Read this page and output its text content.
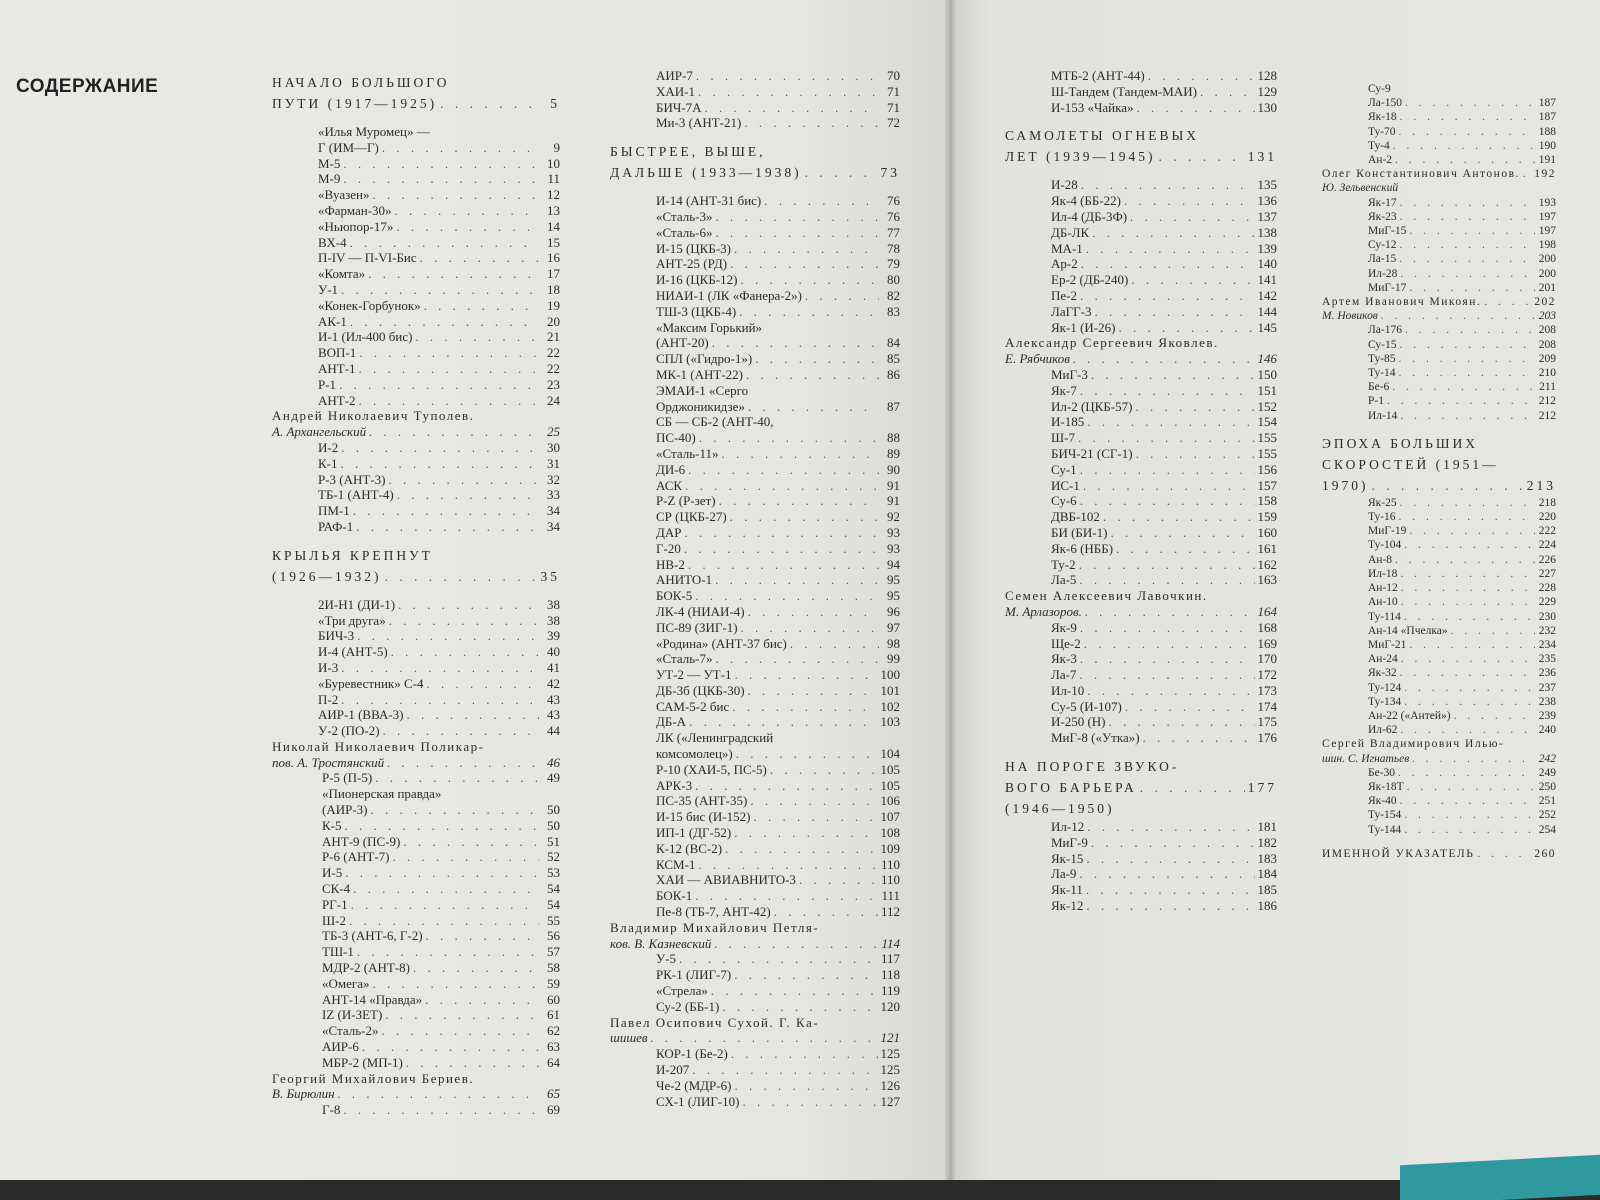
СОДЕРЖАНИЕ	НАЧАЛО БОЛЬШОГО
ПУТИ (1917—1925) . . .	5
«Илья Муромец» —
Г (ИМ—Г) . . .	9
М-5 . . .	10
М-9 . . .	11
«Вуазен» . . .	12
«Фарман-30» . . .	13
«Ньюпор-17» . . .	14
ВХ-4 . . .	15
П-IV — П-VI-Бис . . .	16
«Комта» . . .	17
У-1 . . .	18
«Конек-Горбунок» . . .	19
АК-1 . . .	20
И-1 (Ил-400 бис) . . .	21
ВОП-1 . . .	22
АНТ-1 . . .	22
Р-1 . . .	23
АНТ-2 . . .	24
Андрей Николаевич Туполев.
А. Архангельский . . .	25
И-2 . . .	30
К-1 . . .	31
Р-3 (АНТ-3) . . .	32
ТБ-1 (АНТ-4) . . .	33
ПМ-1 . . .	34
РАФ-1 . . .	34
КРЫЛЬЯ КРЕПНУТ
(1926—1932) . . .	35
2И-Н1 (ДИ-1) . . .	38
«Три друга» . . .	38
БИЧ-3 . . .	39
И-4 (АНТ-5) . . .	40
И-3 . . .	41
«Буревестник» С-4 . . .	42
П-2 . . .	43
АИР-1 (ВВА-3) . . .	43
У-2 (ПО-2) . . .	44
Николай Николаевич Поликар-
пов. А. Тростянский . . .	46
Р-5 (П-5) . . .	49
«Пионерская правда»
(АИР-3) . . .	50
К-5 . . .	50
АНТ-9 (ПС-9) . . .	51
Р-6 (АНТ-7) . . .	52
И-5 . . .	53
СК-4 . . .	54
РГ-1 . . .	54
Ш-2 . . .	55
ТБ-3 (АНТ-6, Г-2) . . .	56
ТШ-1 . . .	57
МДР-2 (АНТ-8) . . .	58
«Омега» . . .	59
АНТ-14 «Правда» . . .	60
IZ (И-ЗЕТ) . . .	61
«Сталь-2» . . .	62
АИР-6 . . .	63
МБР-2 (МП-1) . . .	64
Георгий Михайлович Бериев.
В. Бирюлин . . .	65
Г-8 . . .	69
АИР-7 . . .	70
ХАИ-1 . . .	71
БИЧ-7А . . .	71
Ми-3 (АНТ-21) . . .	72
БЫСТРЕЕ, ВЫШЕ,
ДАЛЬШЕ (1933—1938) . . .	73
И-14 (АНТ-31 бис) . . .	76
«Сталь-3» . . .	76
«Сталь-6» . . .	77
И-15 (ЦКБ-3) . . .	78
АНТ-25 (РД) . . .	79
И-16 (ЦКБ-12) . . .	80
НИАИ-1 (ЛК «Фанера-2») . . .	82
ТШ-3 (ЦКБ-4) . . .	83
«Максим Горький»
(АНТ-20) . . .	84
СПЛ («Гидро-1») . . .	85
МК-1 (АНТ-22) . . .	86
ЭМАИ-1 «Серго
Орджоникидзе» . . .	87
СБ — СБ-2 (АНТ-40,
ПС-40) . . .	88
«Сталь-11» . . .	89
ДИ-6 . . .	90
АСК . . .	91
P-Z (Р-зет) . . .	91
СР (ЦКБ-27) . . .	92
ДАР . . .	93
Г-20 . . .	93
НВ-2 . . .	94
АНИТО-1 . . .	95
БОК-5 . . .	95
ЛК-4 (НИАИ-4) . . .	96
ПС-89 (ЗИГ-1) . . .	97
«Родина» (АНТ-37 бис) . . .	98
«Сталь-7» . . .	99
УТ-2 — УТ-1 . . .	100
ДБ-3б (ЦКБ-30) . . .	101
САМ-5-2 бис . . .	102
ДБ-А . . .	103
ЛК («Ленинградский
комсомолец») . . .	104
Р-10 (ХАИ-5, ПС-5) . . .	105
АРК-3 . . .	105
ПС-35 (АНТ-35) . . .	106
И-15 бис (И-152) . . .	107
ИП-1 (ДГ-52) . . .	108
К-12 (ВС-2) . . .	109
КСМ-1 . . .	110
ХАИ — АВИАВНИТО-3 . . .	110
БОК-1 . . .	111
Пе-8 (ТБ-7, АНТ-42) . . .	112
Владимир Михайлович Петля-
ков. В. Казневский . . .	114
У-5 . . .	117
РК-1 (ЛИГ-7) . . .	118
«Стрела» . . .	119
Су-2 (ББ-1) . . .	120
Павел Осипович Сухой. Г. Ка-
шишев . . .	121
КОР-1 (Бе-2) . . .	125
И-207 . . .	125
Че-2 (МДР-6) . . .	126
СХ-1 (ЛИГ-10) . . .	127
МТБ-2 (АНТ-44) . . .	128
Ш-Тандем (Тандем-МАИ) . . .	129
И-153 «Чайка» . . .	130
САМОЛЕТЫ ОГНЕВЫХ
ЛЕТ (1939—1945) . . .	131
И-28 . . .	135
Як-4 (ББ-22) . . .	136
Ил-4 (ДБ-3Ф) . . .	137
ДБ-ЛК . . .	138
МА-1 . . .	139
Ар-2 . . .	140
Ер-2 (ДБ-240) . . .	141
Пе-2 . . .	142
ЛаГГ-3 . . .	144
Як-1 (И-26) . . .	145
Александр Сергеевич Яковлев.
Е. Рябчиков . . .	146
МиГ-3 . . .	150
Як-7 . . .	151
Ил-2 (ЦКБ-57) . . .	152
И-185 . . .	154
Ш-7 . . .	155
БИЧ-21 (СГ-1) . . .	155
Су-1 . . .	156
ИС-1 . . .	157
Су-6 . . .	158
ДВБ-102 . . .	159
БИ (БИ-1) . . .	160
Як-6 (НББ) . . .	161
Ту-2 . . .	162
Ла-5 . . .	163
Семен Алексеевич Лавочкин.
М. Арлазоров. . . .	164
Як-9 . . .	168
Ще-2 . . .	169
Як-3 . . .	170
Ла-7 . . .	172
Ил-10 . . .	173
Су-5 (И-107) . . .	174
И-250 (Н) . . .	175
МиГ-8 («Утка») . . .	176
НА ПОРОГЕ ЗВУКО-
ВОГО БАРЬЕРА . . .	177
(1946—1950)
Ил-12 . . .	181
МиГ-9 . . .	182
Як-15 . . .	183
Ла-9 . . .	184
Як-11 . . .	185
Як-12 . . .	186
Су-9
Ла-150 . . .	187
Як-18 . . .	187
Ту-70 . . .	188
Ту-4 . . .	190
Ан-2 . . .	191
Олег Константинович Антонов. . . . 192
Ю. Зельвенский
Як-17 . . .	193
Як-23 . . .	197
МиГ-15 . . .	197
Су-12 . . .	198
Ла-15 . . .	200
Ил-28 . . .	200
МиГ-17 . . .	201
Артем Иванович Микоян. . . .	202
М. Новиков . . .	203
Ла-176 . . .	208
Су-15 . . .	208
Ту-85 . . .	209
Ту-14 . . .	210
Бе-6 . . .	211
Р-1 . . .	212
Ил-14 . . .	212
ЭПОХА БОЛЬШИХ
СКОРОСТЕЙ (1951—
1970) . . .	213
Як-25 . . .	218
Ту-16 . . .	220
МиГ-19 . . .	222
Ту-104 . . .	224
Ан-8 . . .	226
Ил-18 . . .	227
Ан-12 . . .	228
Ан-10 . . .	229
Ту-114 . . .	230
Ан-14 «Пчелка» . . .	232
МиГ-21 . . .	234
Ан-24 . . .	235
Як-32 . . .	236
Ту-124 . . .	237
Ту-134 . . .	238
Ан-22 («Антей») . . .	239
Ил-62 . . .	240
Сергей Владимирович Илью-
шин. С. Игнатьев . . .	242
Бе-30 . . .	249
Як-18Т . . .	250
Як-40 . . .	251
Ту-154 . . .	252
Ту-144 . . .	254
ИМЕННОЙ УКАЗАТЕЛЬ . . .	260
